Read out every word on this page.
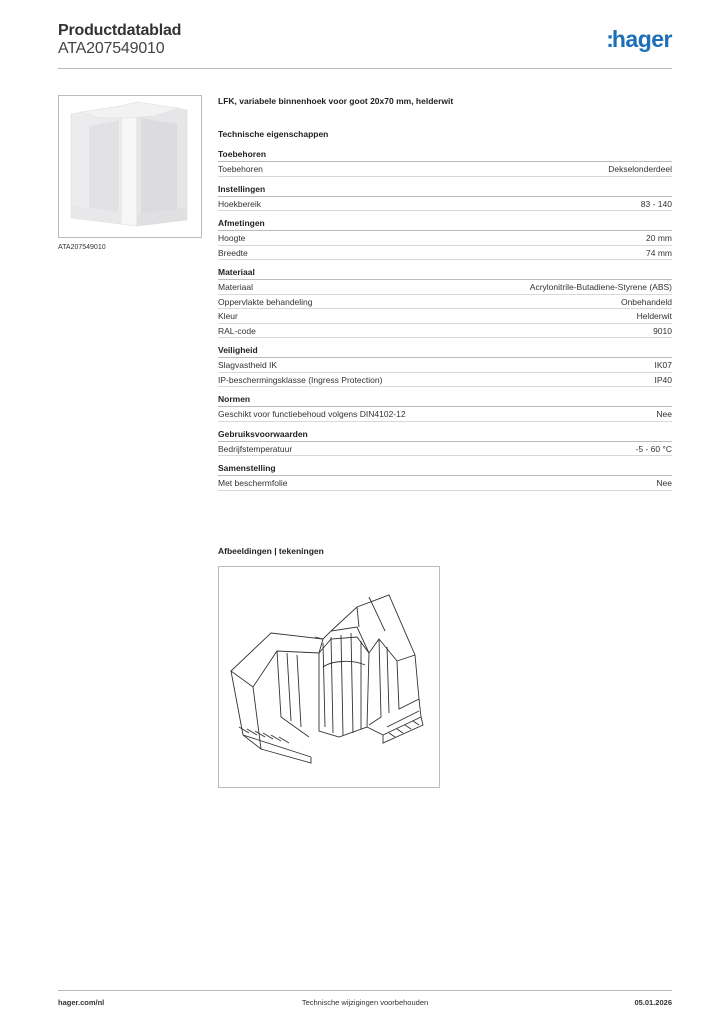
Productdatablad
ATA207549010	:hager
ATA207549010
LFK, variabele binnenhoek voor goot 20x70 mm, helderwit
Technische eigenschappen
Toebehoren
Toebehoren	Dekselonderdeel
Instellingen
Hoekbereik	83 - 140
Afmetingen
Hoogte	20 mm
Breedte	74 mm
Materiaal
Materiaal	Acrylonitrile-Butadiene-Styrene (ABS)
Oppervlakte behandeling	Onbehandeld
Kleur	Helderwit
RAL-code	9010
Veiligheid
Slagvastheid IK	IK07
IP-beschermingsklasse (Ingress Protection)	IP40
Normen
Geschikt voor functiebehoud volgens DIN4102-12	Nee
Gebruiksvoorwaarden
Bedrijfstemperatuur	-5 - 60 °C
Samenstelling
Met beschermfolie	Nee
Afbeeldingen | tekeningen
hager.com/nl	Technische wijzigingen voorbehouden	05.01.2026
